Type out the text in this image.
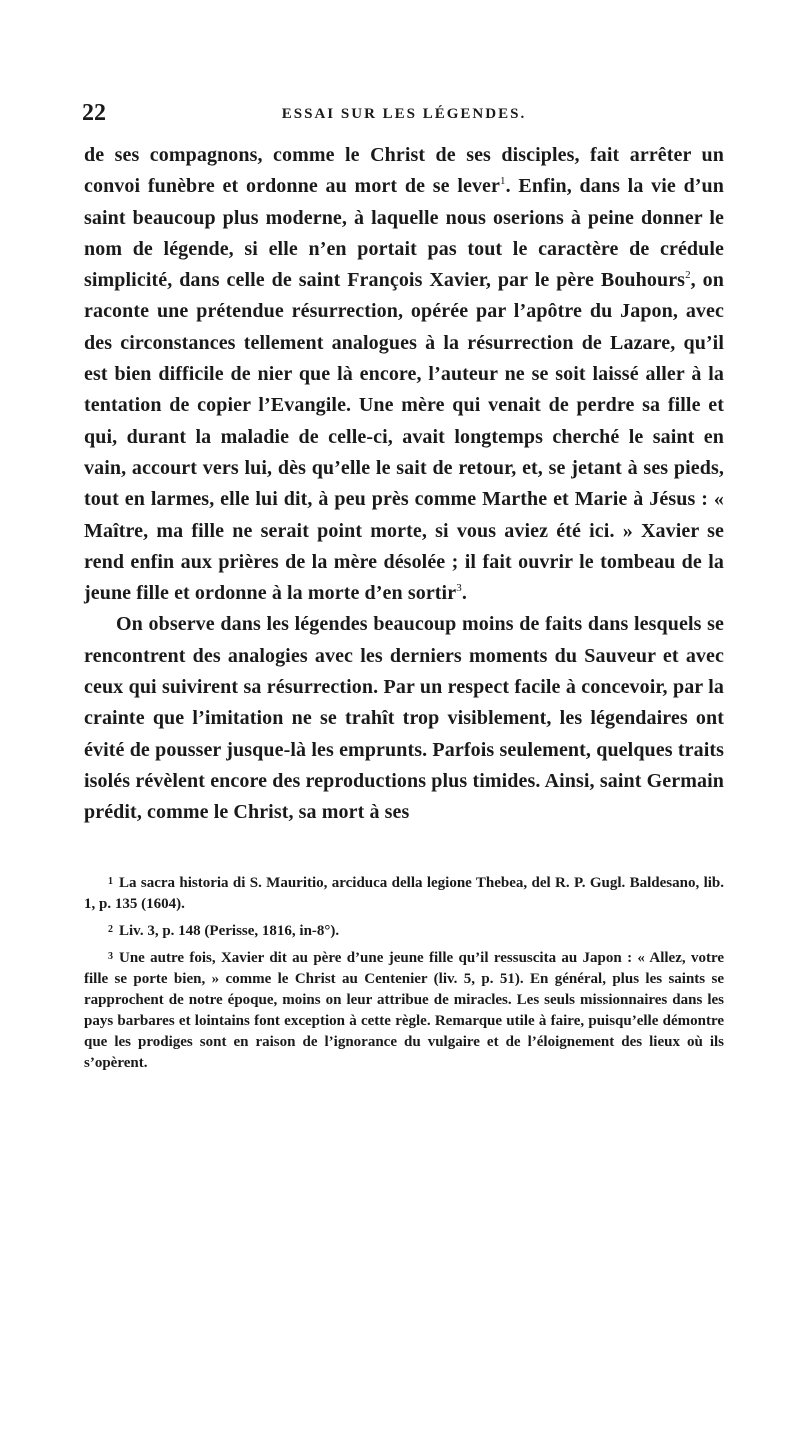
22	ESSAI SUR LES LÉGENDES.

de ses compagnons, comme le Christ de ses disciples, fait arrêter un convoi funèbre et ordonne au mort de se lever$^1$. Enfin, dans la vie d’un saint beaucoup plus moderne, à laquelle nous oserions à peine donner le nom de légende, si elle n’en portait pas tout le caractère de crédule simplicité, dans celle de saint François Xavier, par le père Bouhours$^2$, on raconte une prétendue résurrection, opérée par l’apôtre du Japon, avec des circonstances tellement analogues à la résurrection de Lazare, qu’il est bien difficile de nier que là encore, l’auteur ne se soit laissé aller à la tentation de copier l’Evangile. Une mère qui venait de perdre sa fille et qui, durant la maladie de celle-ci, avait longtemps cherché le saint en vain, accourt vers lui, dès qu’elle le sait de retour, et, se jetant à ses pieds, tout en larmes, elle lui dit, à peu près comme Marthe et Marie à Jésus : « Maître, ma fille ne serait point morte, si vous aviez été ici. » Xavier se rend enfin aux prières de la mère désolée ; il fait ouvrir le tombeau de la jeune fille et ordonne à la morte d’en sortir$^3$.

On observe dans les légendes beaucoup moins de faits dans lesquels se rencontrent des analogies avec les derniers moments du Sauveur et avec ceux qui suivirent sa résurrection. Par un respect facile à concevoir, par la crainte que l’imitation ne se trahît trop visiblement, les légendaires ont évité de pousser jusque-là les emprunts. Parfois seulement, quelques traits isolés révèlent encore des reproductions plus timides. Ainsi, saint Germain prédit, comme le Christ, sa mort à ses

$^1$ La sacra historia di S. Mauritio, arciduca della legione Thebea, del R. P. Gugl. Baldesano, lib. 1, p. 135 (1604).

$^2$ Liv. 3, p. 148 (Perisse, 1816, in-8°).

$^3$ Une autre fois, Xavier dit au père d’une jeune fille qu’il ressuscita au Japon : « Allez, votre fille se porte bien, » comme le Christ au Centenier (liv. 5, p. 51). En général, plus les saints se rapprochent de notre époque, moins on leur attribue de miracles. Les seuls missionnaires dans les pays barbares et lointains font exception à cette règle. Remarque utile à faire, puisqu’elle démontre que les prodiges sont en raison de l’ignorance du vulgaire et de l’éloignement des lieux où ils s’opèrent.
